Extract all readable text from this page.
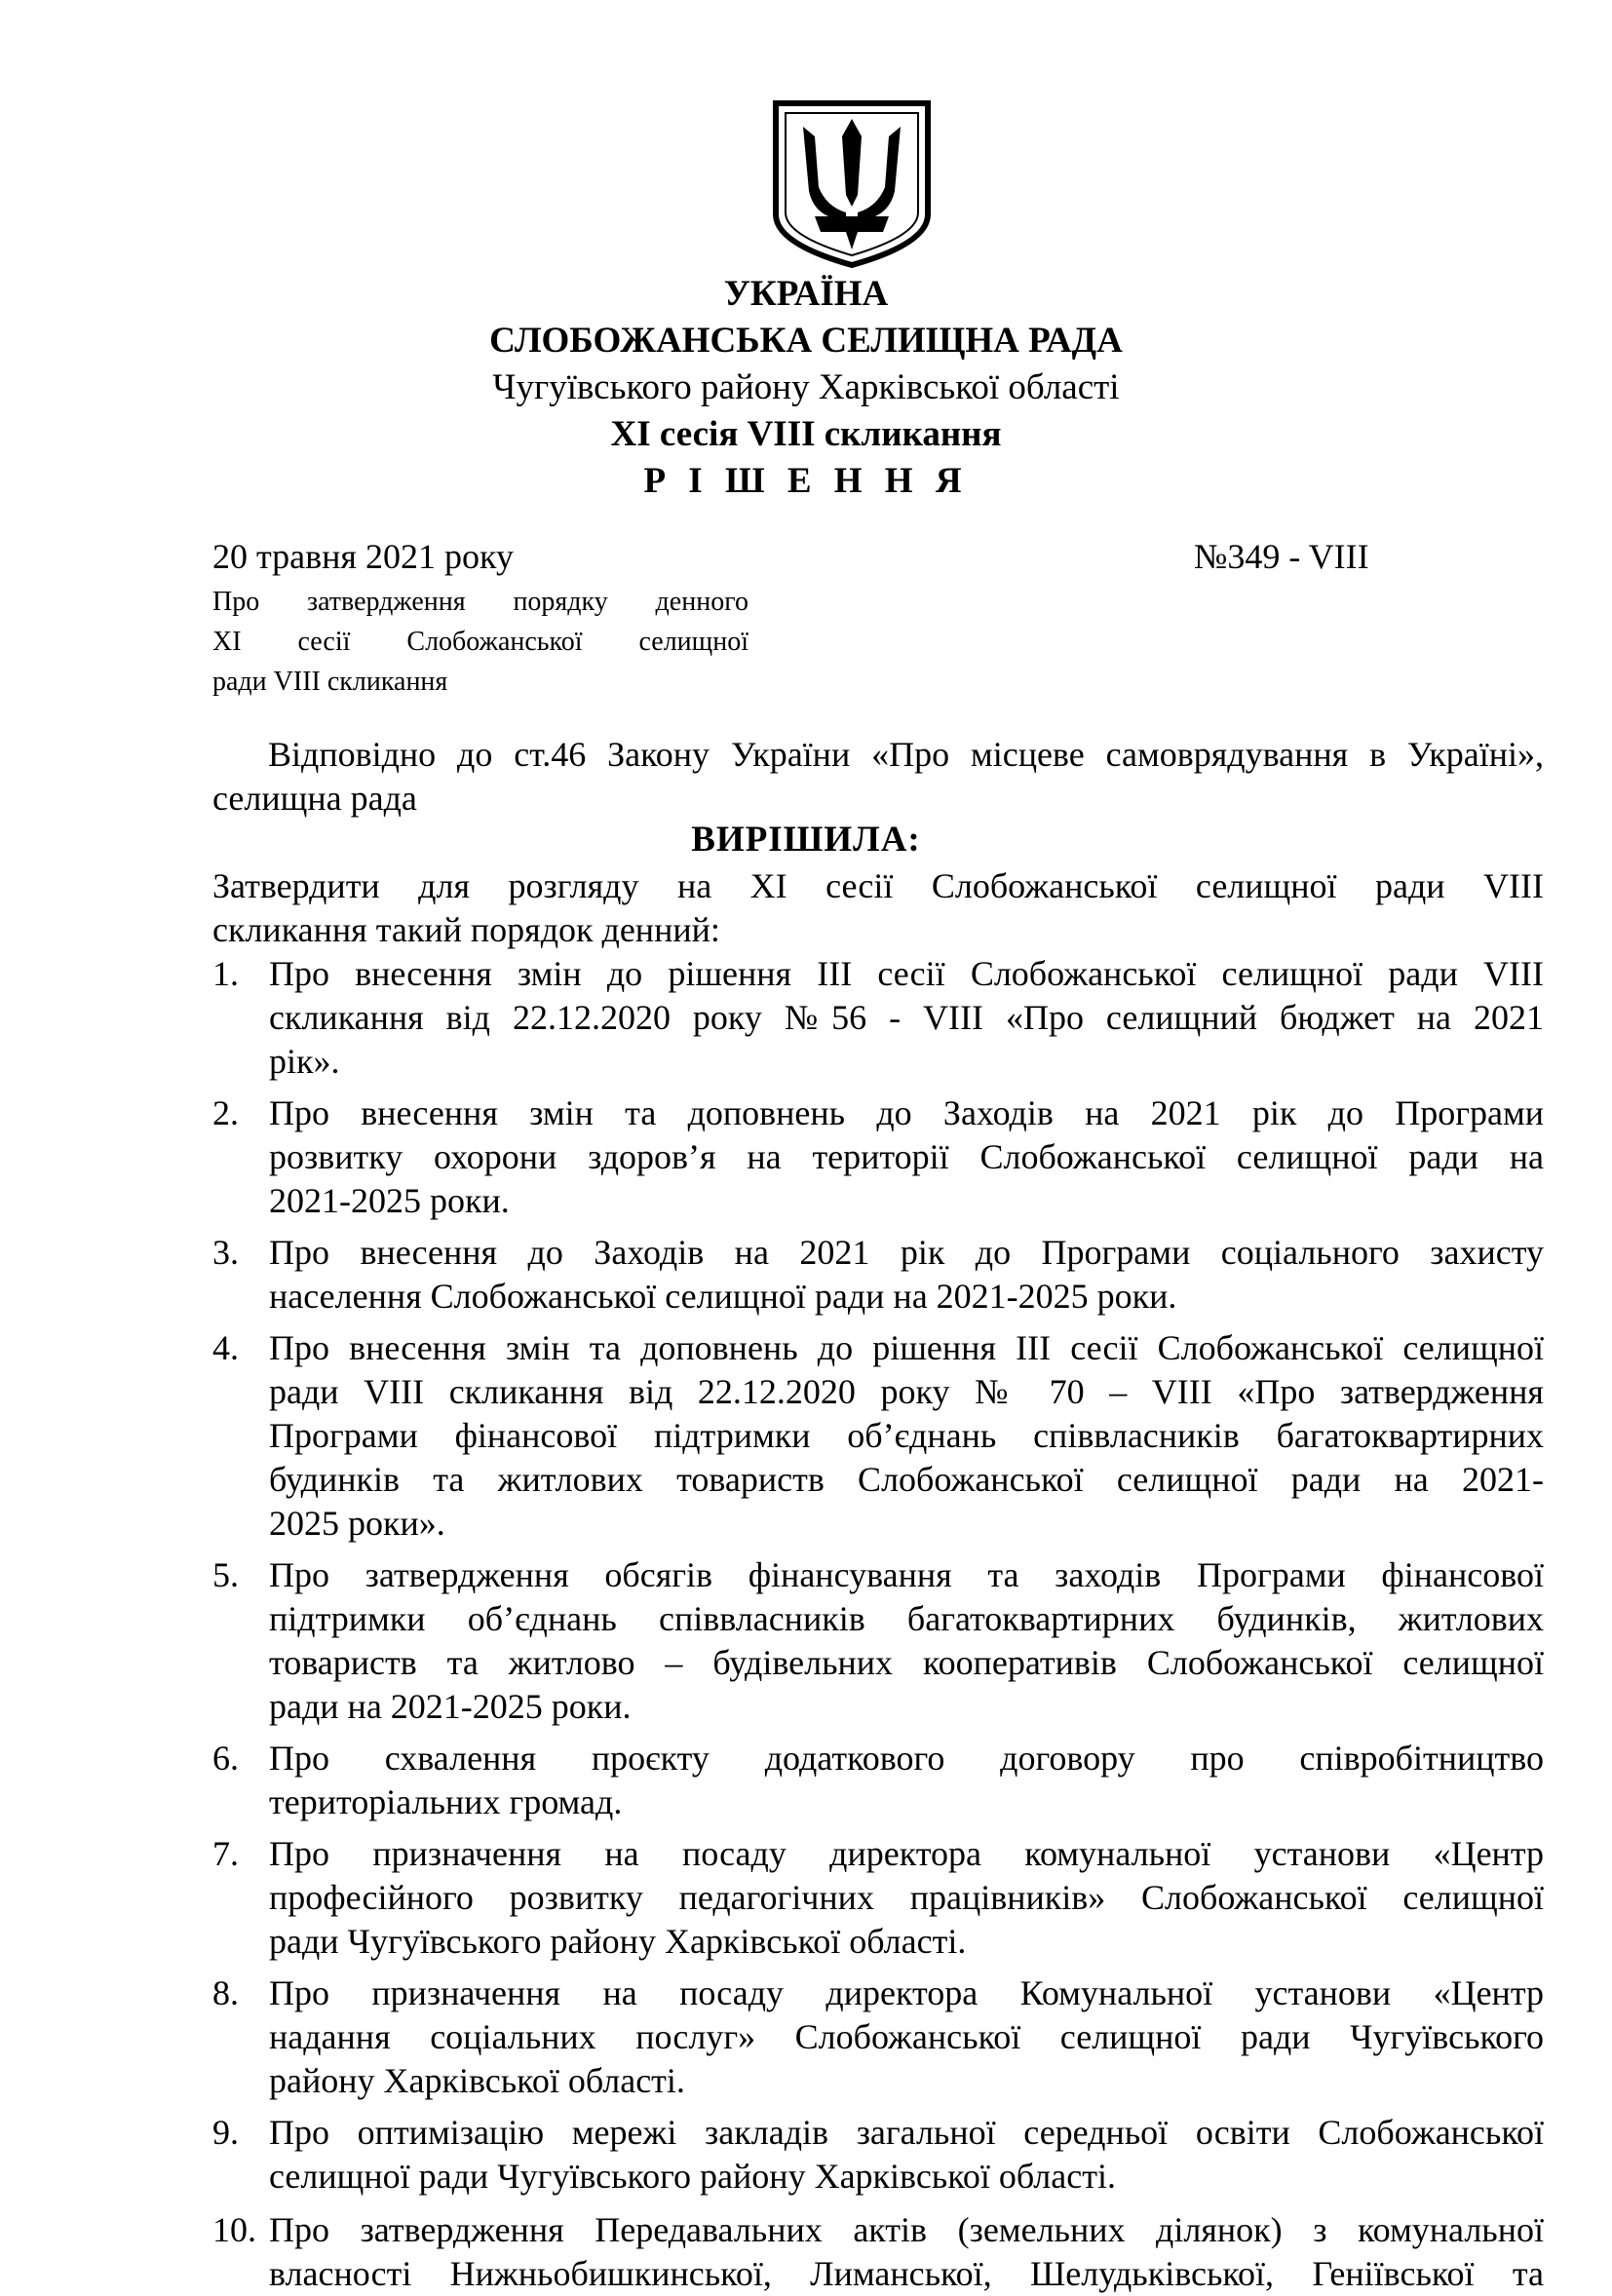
УКРАЇНА
СЛОБОЖАНСЬКА СЕЛИЩНА РАДА
Чугуївського району Харківської області
XI сесія VIII скликання
Р І Ш Е Н Н Я
20 травня 2021 року	№349 - VIII
Про затвердження порядку денного
XI сесії Слобожанської селищної
ради VIII скликання
Відповідно до ст.46 Закону України «Про місцеве самоврядування в Україні»,
селищна рада
ВИРІШИЛА:
Затвердити для розгляду на XI сесії Слобожанської селищної ради VIII
скликання такий порядок денний:
1. Про внесення змін до рішення III сесії Слобожанської селищної ради VIII
скликання від 22.12.2020 року №56 - VIII «Про селищний бюджет на 2021
рік».
2. Про внесення змін та доповнень до Заходів на 2021 рік до Програми
розвитку охорони здоров’я на території Слобожанської селищної ради на
2021-2025 роки.
3. Про внесення до Заходів на 2021 рік до Програми соціального захисту
населення Слобожанської селищної ради на 2021-2025 роки.
4. Про внесення змін та доповнень до рішення III сесії Слобожанської селищної
ради VIII скликання від 22.12.2020 року № 70 – VIII «Про затвердження
Програми фінансової підтримки об’єднань співвласників багатоквартирних
будинків та житлових товариств Слобожанської селищної ради на 2021-
2025 роки».
5. Про затвердження обсягів фінансування та заходів Програми фінансової
підтримки об’єднань співвласників багатоквартирних будинків, житлових
товариств та житлово – будівельних кооперативів Слобожанської селищної
ради на 2021-2025 роки.
6. Про схвалення проєкту додаткового договору про співробітництво
територіальних громад.
7. Про призначення на посаду директора комунальної установи «Центр
професійного розвитку педагогічних працівників» Слобожанської селищної
ради Чугуївського району Харківської області.
8. Про призначення на посаду директора Комунальної установи «Центр
надання соціальних послуг» Слобожанської селищної ради Чугуївського
району Харківської області.
9. Про оптимізацію мережі закладів загальної середньої освіти Слобожанської
селищної ради Чугуївського району Харківської області.
10. Про затвердження Передавальних актів (земельних ділянок) з комунальної
власності Нижньобишкинської, Лиманської, Шелудьківської, Геніївської та
